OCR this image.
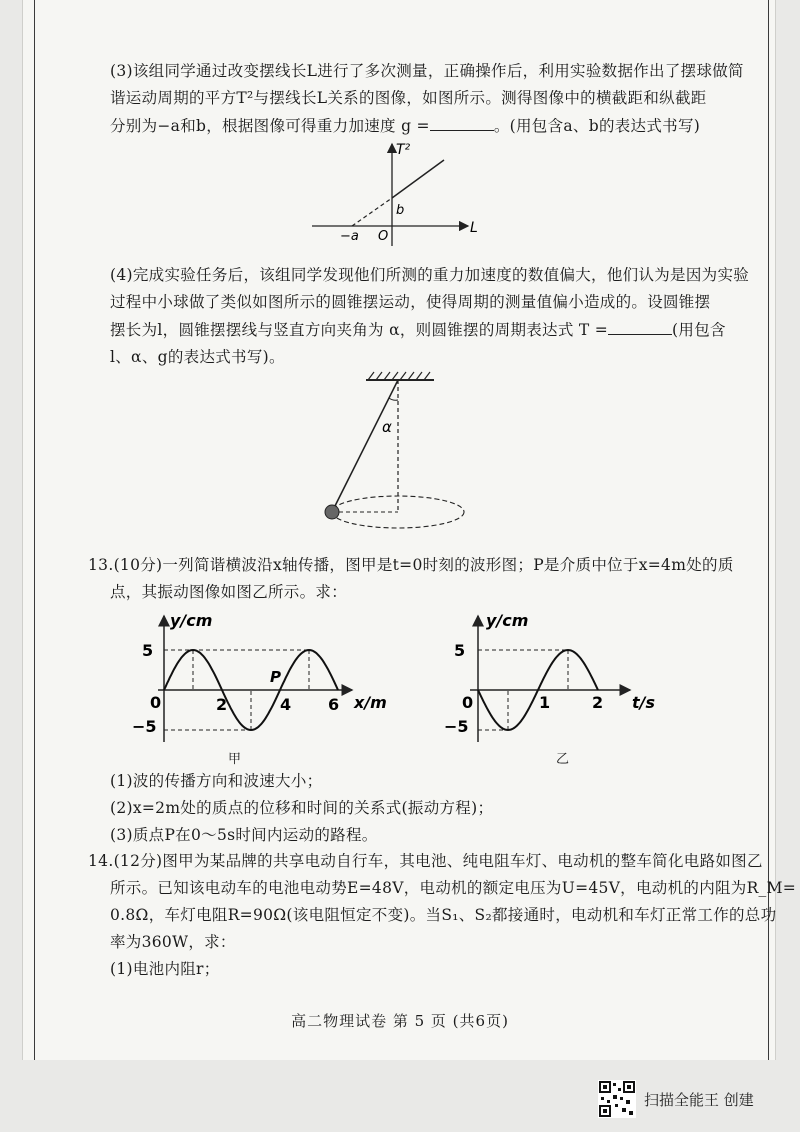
(3)该组同学通过改变摆线长L进行了多次测量，正确操作后，利用实验数据作出了摆球做简
谐运动周期的平方T²与摆线长L关系的图像，如图所示。测得图像中的横截距和纵截距
分别为−a和b，根据图像可得重力加速度 g =	。(用包含a、b的表达式书写)
T²
L
−a
b
O
(4)完成实验任务后，该组同学发现他们所测的重力加速度的数值偏大，他们认为是因为实验
过程中小球做了类似如图所示的圆锥摆运动，使得周期的测量值偏小造成的。设圆锥摆
摆长为l，圆锥摆摆线与竖直方向夹角为 α，则圆锥摆的周期表达式 T =	(用包含
l、α、g的表达式书写)。
α
13.(10分)一列简谐横波沿x轴传播，图甲是t=0时刻的波形图；P是介质中位于x=4m处的质
点，其振动图像如图乙所示。求：
y/cm
x/m
5
−5
0	2	4 6
P
甲
y/cm
t/s
5
−5
0	1	2
乙
(1)波的传播方向和波速大小；
(2)x=2m处的质点的位移和时间的关系式(振动方程)；
(3)质点P在0～5s时间内运动的路程。
14.(12分)图甲为某品牌的共享电动自行车，其电池、纯电阻车灯、电动机的整车简化电路如图乙
所示。已知该电动车的电池电动势E=48V，电动机的额定电压为U=45V，电动机的内阻为R_M=
0.8Ω，车灯电阻R=90Ω(该电阻恒定不变)。当S₁、S₂都接通时，电动机和车灯正常工作的总功
率为360W，求：
(1)电池内阻r；
高二物理试卷 第 5 页 (共6页)
扫描全能王 创建
